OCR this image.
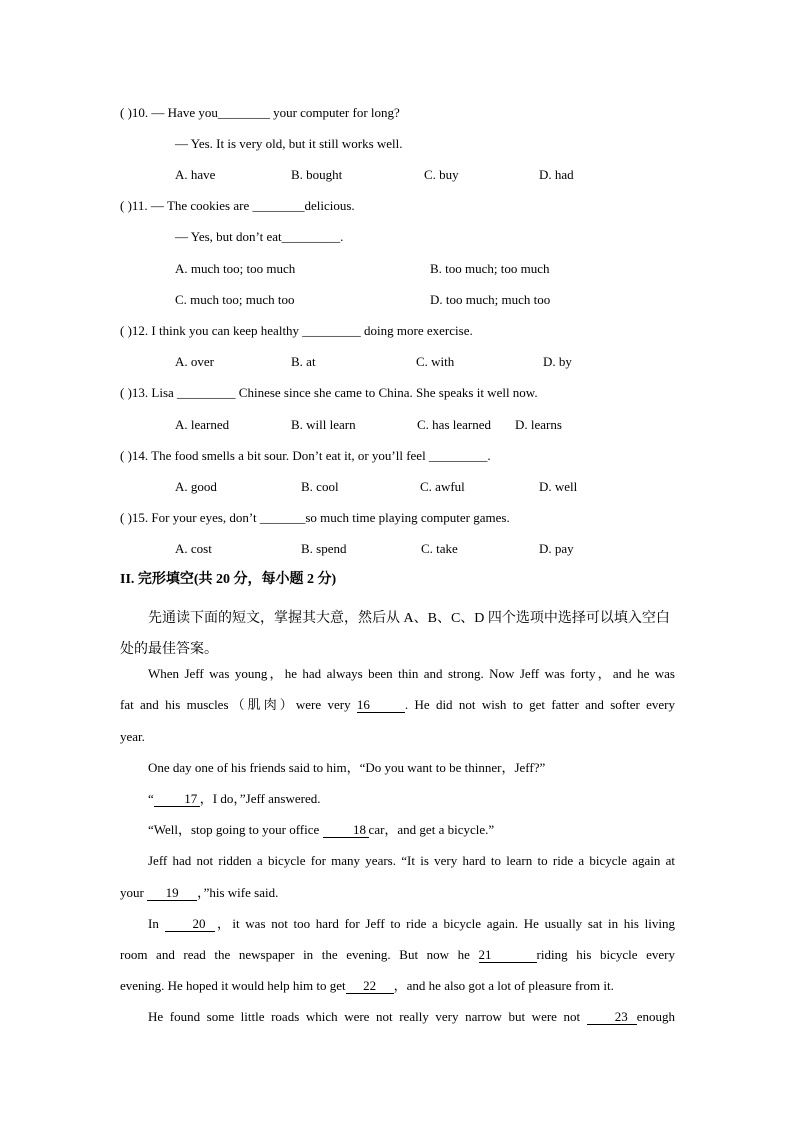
( )10. — Have you________ your computer for long?
— Yes. It is very old, but it still works well.
A. have	B. bought	C. buy	D. had
( )11. — The cookies are ________delicious.
— Yes, but don’t eat_________.
A. much too; too much	B. too much; too much
C. much too; much too	D. too much; much too
( )12. I think you can keep healthy _________ doing more exercise.
A. over	B. at	C. with	D. by
( )13. Lisa _________ Chinese since she came to China. She speaks it well now.
A. learned	B. will learn	C. has learned D. learns
( )14. The food smells a bit sour. Don’t eat it, or you’ll feel _________.
A. good	B. cool	C. awful	D. well
( )15. For your eyes, don’t _______so much time playing computer games.
A. cost	B. spend	C. take	D. pay
II. 完形填空(共 20 分，每小题 2 分)
先通读下面的短文，掌握其大意，然后从 A、B、C、D 四个选项中选择可以填入空白处的最佳答案。
When Jeff was young，he had always been thin and strong. Now Jeff was forty，and he was
fat and his muscles（肌肉）were very 16	. He did not wish to get fatter and softer every
year.
One day one of his friends said to him，“Do you want to be thinner，Jeff?”
“ 17 ，I do，”Jeff answered.
“Well，stop going to your office 18 car，and get a bicycle.”
Jeff had not ridden a bicycle for many years. “It is very hard to learn to ride a bicycle again at
your 19 ，”his wife said.
In 20 ，it was not too hard for Jeff to ride a bicycle again. He usually sat in his living
room and read the newspaper in the evening. But now he 21	riding his bicycle every
evening. He hoped it would help him to get 22 ，and he also got a lot of pleasure from it.
He found some little roads which were not really very narrow but were not 23 enough
